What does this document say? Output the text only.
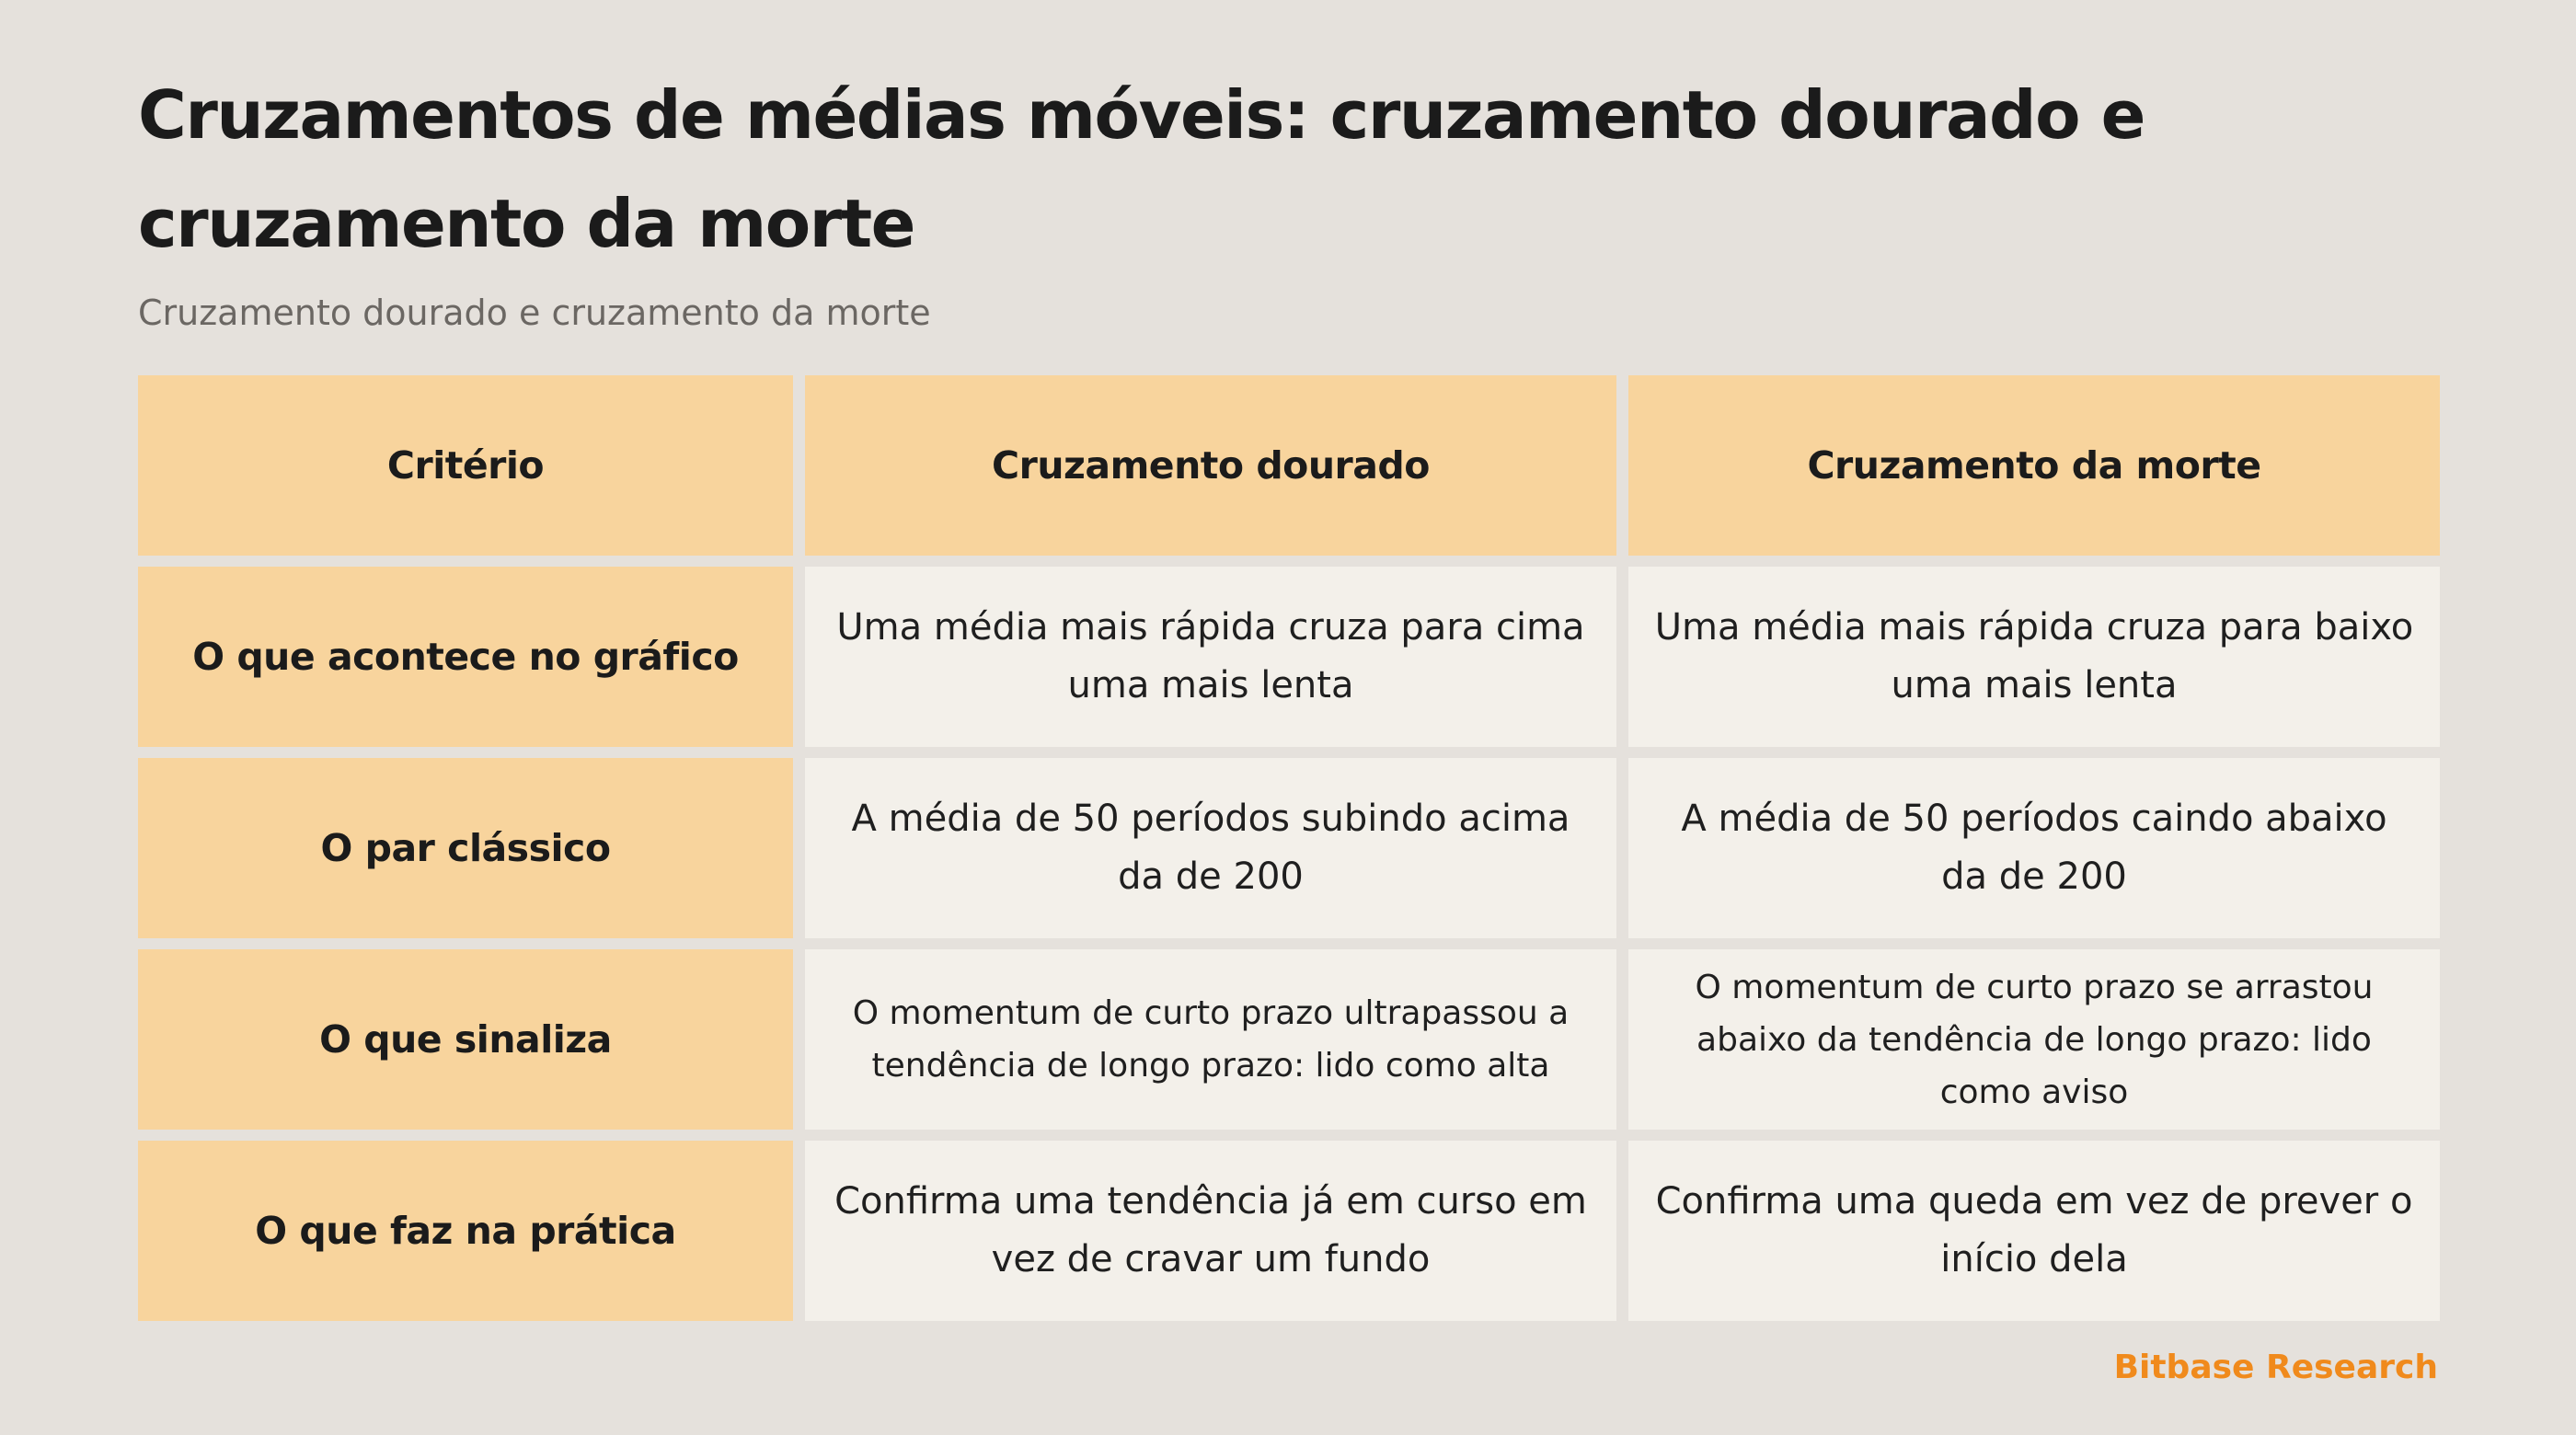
Cruzamentos de médias móveis: cruzamento dourado e cruzamento da morte
Cruzamento dourado e cruzamento da morte
Critério	Cruzamento dourado	Cruzamento da morte
O que acontece no gráfico
Uma média mais rápida cruza para cima uma mais lenta
Uma média mais rápida cruza para baixo uma mais lenta
O par clássico
A média de 50 períodos subindo acima da de 200
A média de 50 períodos caindo abaixo da de 200
O que sinaliza
O momentum de curto prazo ultrapassou a tendência de longo prazo: lido como alta
O momentum de curto prazo se arrastou abaixo da tendência de longo prazo: lido como aviso
O que faz na prática
Confirma uma tendência já em curso em vez de cravar um fundo
Confirma uma queda em vez de prever o início dela
Bitbase Research
